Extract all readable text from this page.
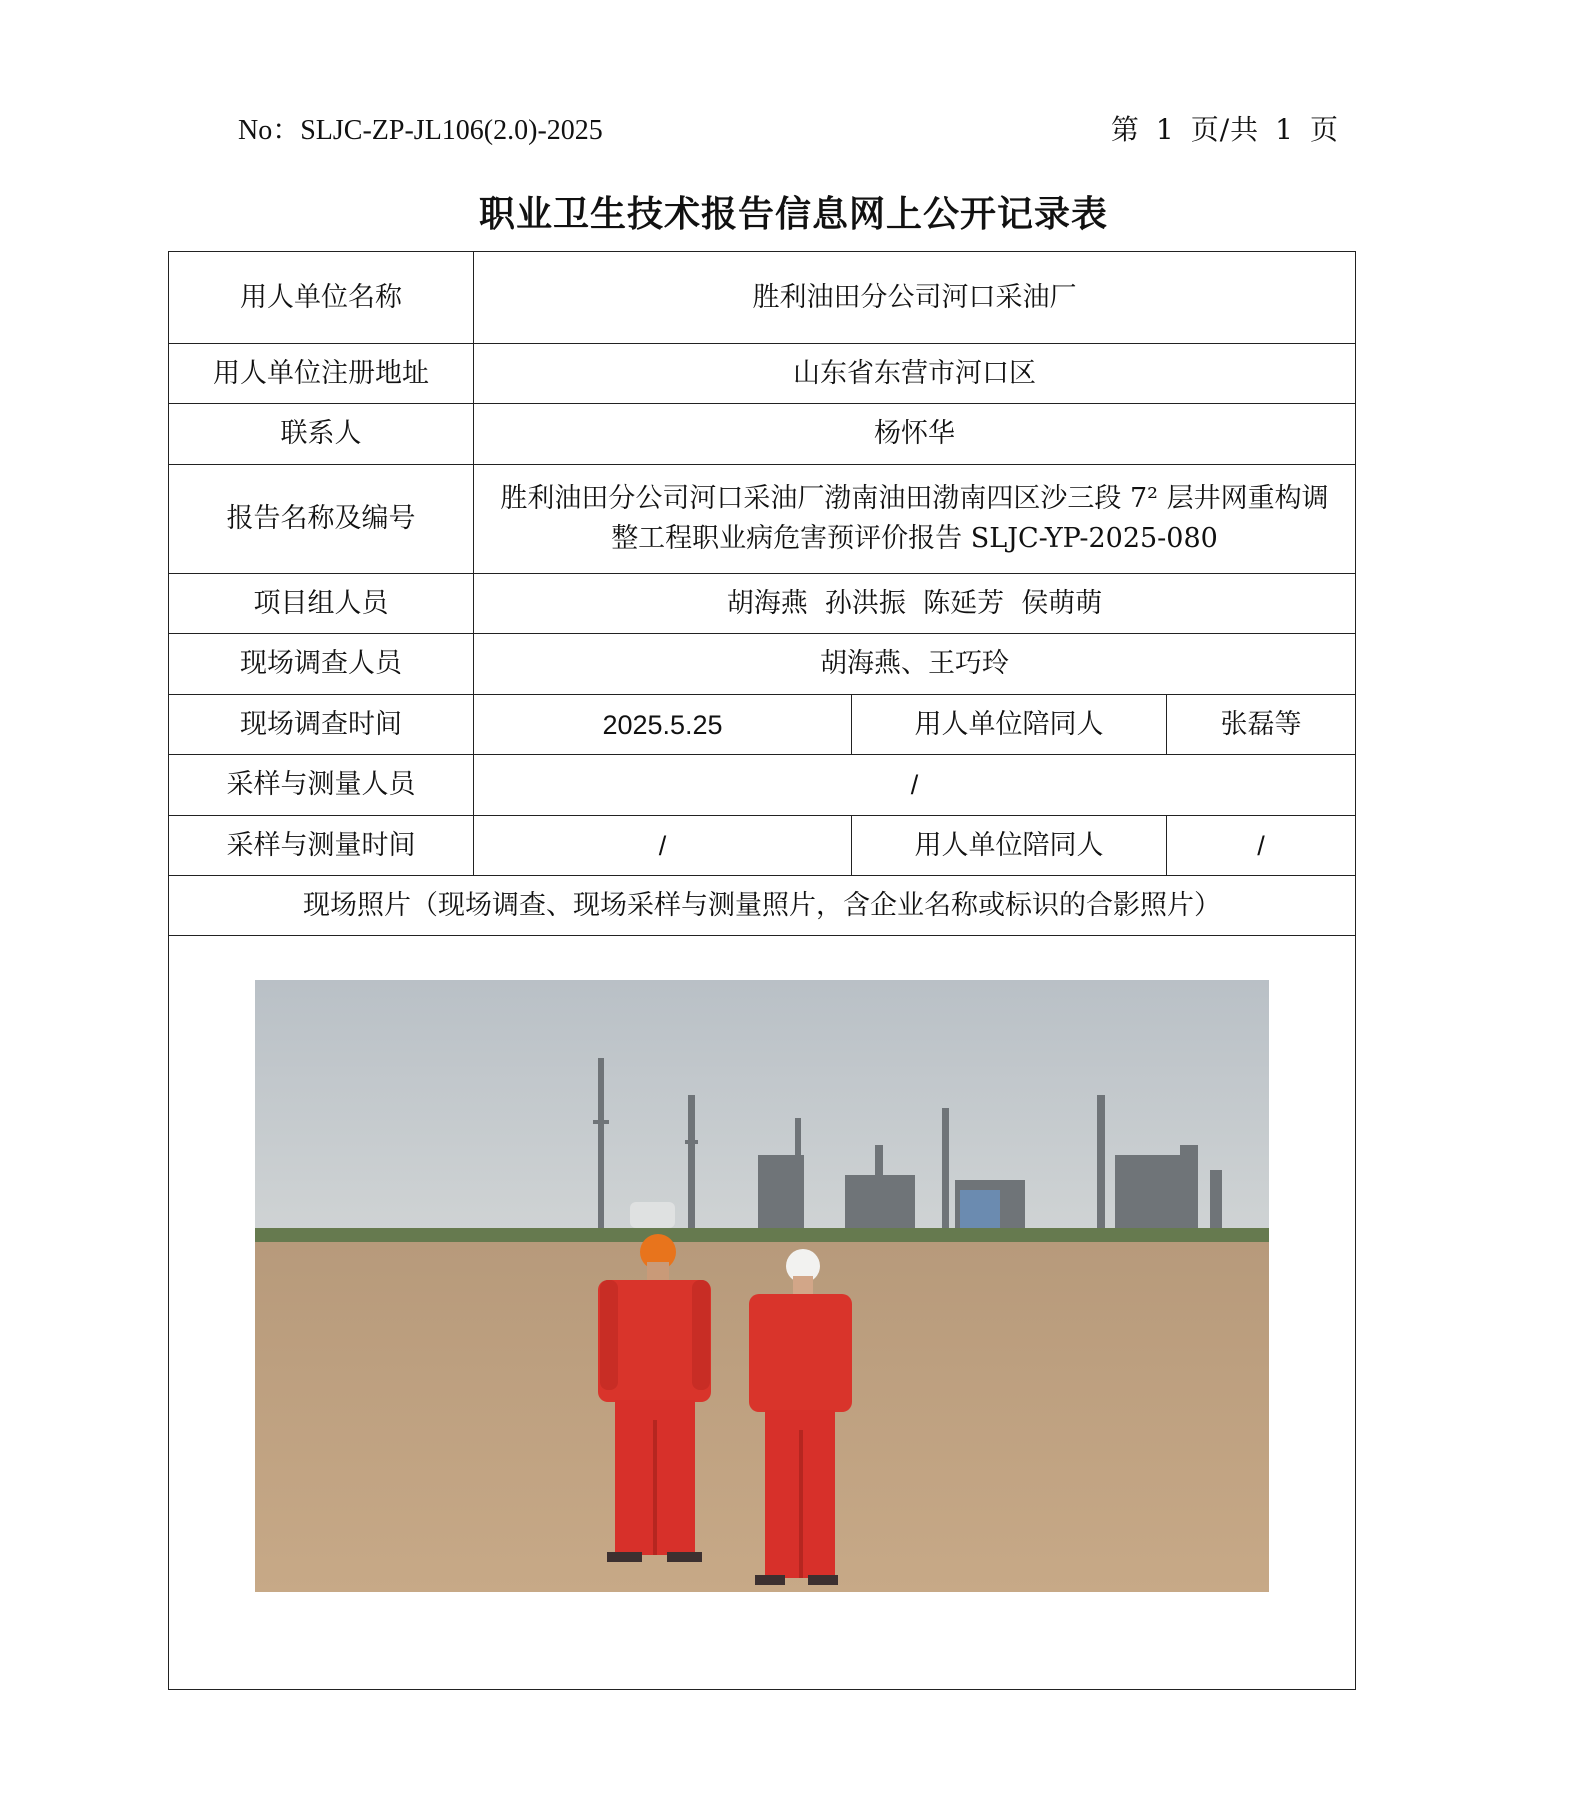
No：SLJC-ZP-JL106(2.0)-2025	第 1 页/共 1 页
职业卫生技术报告信息网上公开记录表
用人单位名称	胜利油田分公司河口采油厂		
用人单位注册地址	山东省东营市河口区		
联系人	杨怀华		
报告名称及编号	胜利油田分公司河口采油厂渤南油田渤南四区沙三段 7² 层井网重构调
整工程职业病危害预评价报告 SLJC-YP-2025-080		

项目组人员	胡海燕  孙洪振  陈延芳  侯萌萌		
现场调查人员	胡海燕、王巧玲		
现场调查时间	2025.5.25	用人单位陪同人	张磊等
采样与测量人员	/		
采样与测量时间	/	用人单位陪同人	/
现场照片（现场调查、现场采样与测量照片，含企业名称或标识的合影照片）			
